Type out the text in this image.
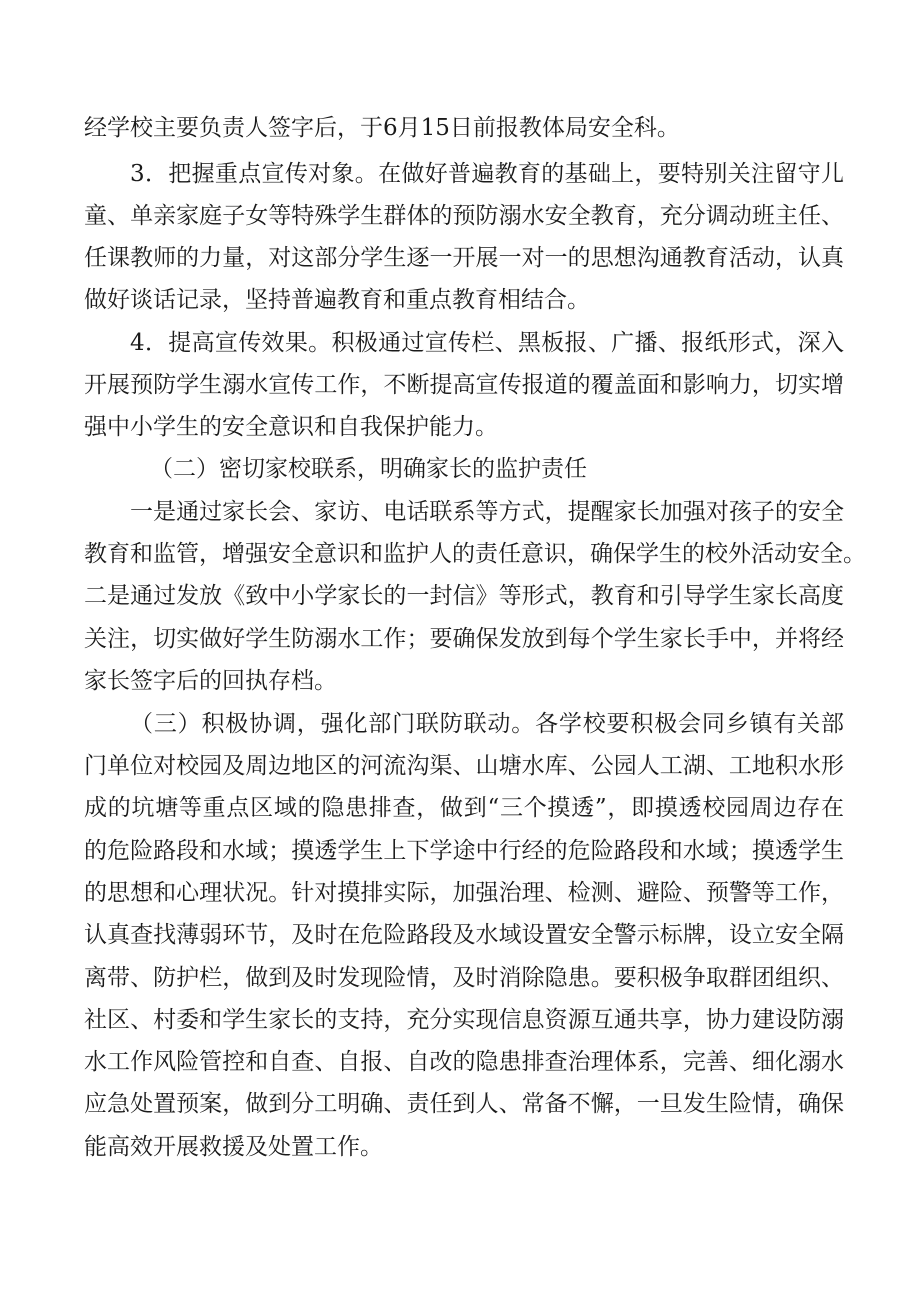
经学校主要负责人签字后，于6月15日前报教体局安全科。
3．把握重点宣传对象。在做好普遍教育的基础上，要特别关注留守儿
童、单亲家庭子女等特殊学生群体的预防溺水安全教育，充分调动班主任、
任课教师的力量，对这部分学生逐一开展一对一的思想沟通教育活动，认真
做好谈话记录，坚持普遍教育和重点教育相结合。
4．提高宣传效果。积极通过宣传栏、黑板报、广播、报纸形式，深入
开展预防学生溺水宣传工作，不断提高宣传报道的覆盖面和影响力，切实增
强中小学生的安全意识和自我保护能力。
（二）密切家校联系，明确家长的监护责任
一是通过家长会、家访、电话联系等方式，提醒家长加强对孩子的安全
教育和监管，增强安全意识和监护人的责任意识，确保学生的校外活动安全。
二是通过发放《致中小学家长的一封信》等形式，教育和引导学生家长高度
关注，切实做好学生防溺水工作；要确保发放到每个学生家长手中，并将经
家长签字后的回执存档。
（三）积极协调，强化部门联防联动。各学校要积极会同乡镇有关部
门单位对校园及周边地区的河流沟渠、山塘水库、公园人工湖、工地积水形
成的坑塘等重点区域的隐患排查，做到“三个摸透”，即摸透校园周边存在
的危险路段和水域；摸透学生上下学途中行经的危险路段和水域；摸透学生
的思想和心理状况。针对摸排实际，加强治理、检测、避险、预警等工作，
认真查找薄弱环节，及时在危险路段及水域设置安全警示标牌，设立安全隔
离带、防护栏，做到及时发现险情，及时消除隐患。要积极争取群团组织、
社区、村委和学生家长的支持，充分实现信息资源互通共享，协力建设防溺
水工作风险管控和自查、自报、自改的隐患排查治理体系，完善、细化溺水
应急处置预案，做到分工明确、责任到人、常备不懈，一旦发生险情，确保
能高效开展救援及处置工作。
